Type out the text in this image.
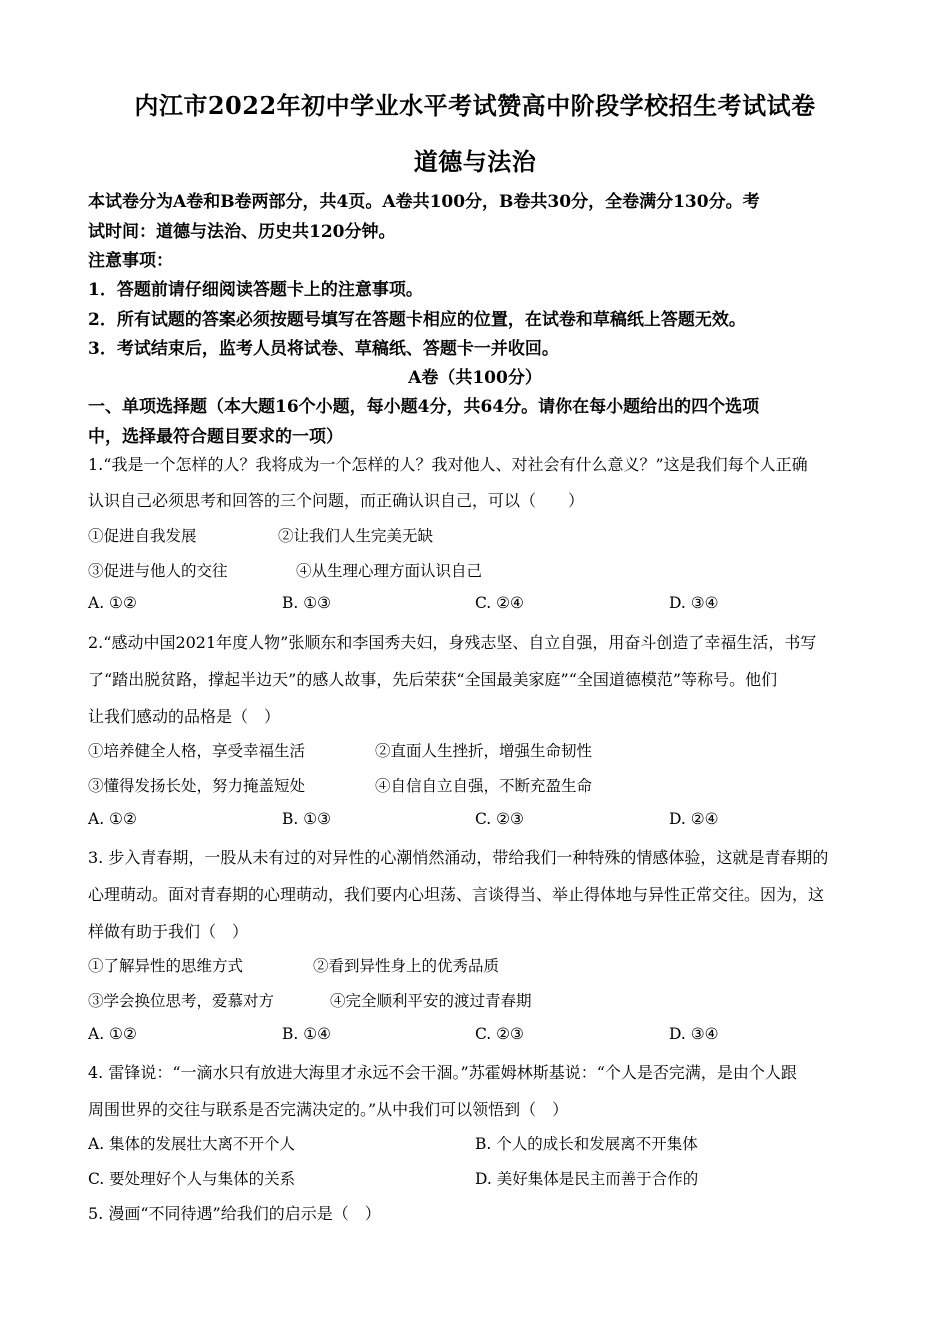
内江市2022年初中学业水平考试赞高中阶段学校招生考试试卷
道德与法治
本试卷分为A卷和B卷两部分，共4页。A卷共100分，B卷共30分，全卷满分130分。考
试时间：道德与法治、历史共120分钟。
注意事项：
1．答题前请仔细阅读答题卡上的注意事项。
2．所有试题的答案必须按题号填写在答题卡相应的位置，在试卷和草稿纸上答题无效。
3．考试结束后，监考人员将试卷、草稿纸、答题卡一并收回。
A卷（共100分）
一、单项选择题（本大题16个小题，每小题4分，共64分。请你在每小题给出的四个选项
中，选择最符合题目要求的一项）
1.“我是一个怎样的人？我将成为一个怎样的人？我对他人、对社会有什么意义？”这是我们每个人正确
认识自己必须思考和回答的三个问题，而正确认识自己，可以（　　）
①促进自我发展	②让我们人生完美无缺
③促进与他人的交往	④从生理心理方面认识自己
A. ①②	B. ①③	C. ②④	D. ③④
2.“感动中国2021年度人物”张顺东和李国秀夫妇，身残志坚、自立自强，用奋斗创造了幸福生活，书写
了“踏出脱贫路，撑起半边天”的感人故事，先后荣获“全国最美家庭”“全国道德模范”等称号。他们
让我们感动的品格是（　）
①培养健全人格，享受幸福生活	②直面人生挫折，增强生命韧性
③懂得发扬长处，努力掩盖短处	④自信自立自强，不断充盈生命
A. ①②	B. ①③	C. ②③	D. ②④
3. 步入青春期，一股从未有过的对异性的心潮悄然涌动，带给我们一种特殊的情感体验，这就是青春期的
心理萌动。面对青春期的心理萌动，我们要内心坦荡、言谈得当、举止得体地与异性正常交往。因为，这
样做有助于我们（　）
①了解异性的思维方式	②看到异性身上的优秀品质
③学会换位思考，爱慕对方	④完全顺利平安的渡过青春期
A. ①②	B. ①④	C. ②③	D. ③④
4. 雷锋说：“一滴水只有放进大海里才永远不会干涸。”苏霍姆林斯基说：“个人是否完满，是由个人跟
周围世界的交往与联系是否完满决定的。”从中我们可以领悟到（　）
A. 集体的发展壮大离不开个人	B. 个人的成长和发展离不开集体
C. 要处理好个人与集体的关系	D. 美好集体是民主而善于合作的
5. 漫画“不同待遇”给我们的启示是（　）
